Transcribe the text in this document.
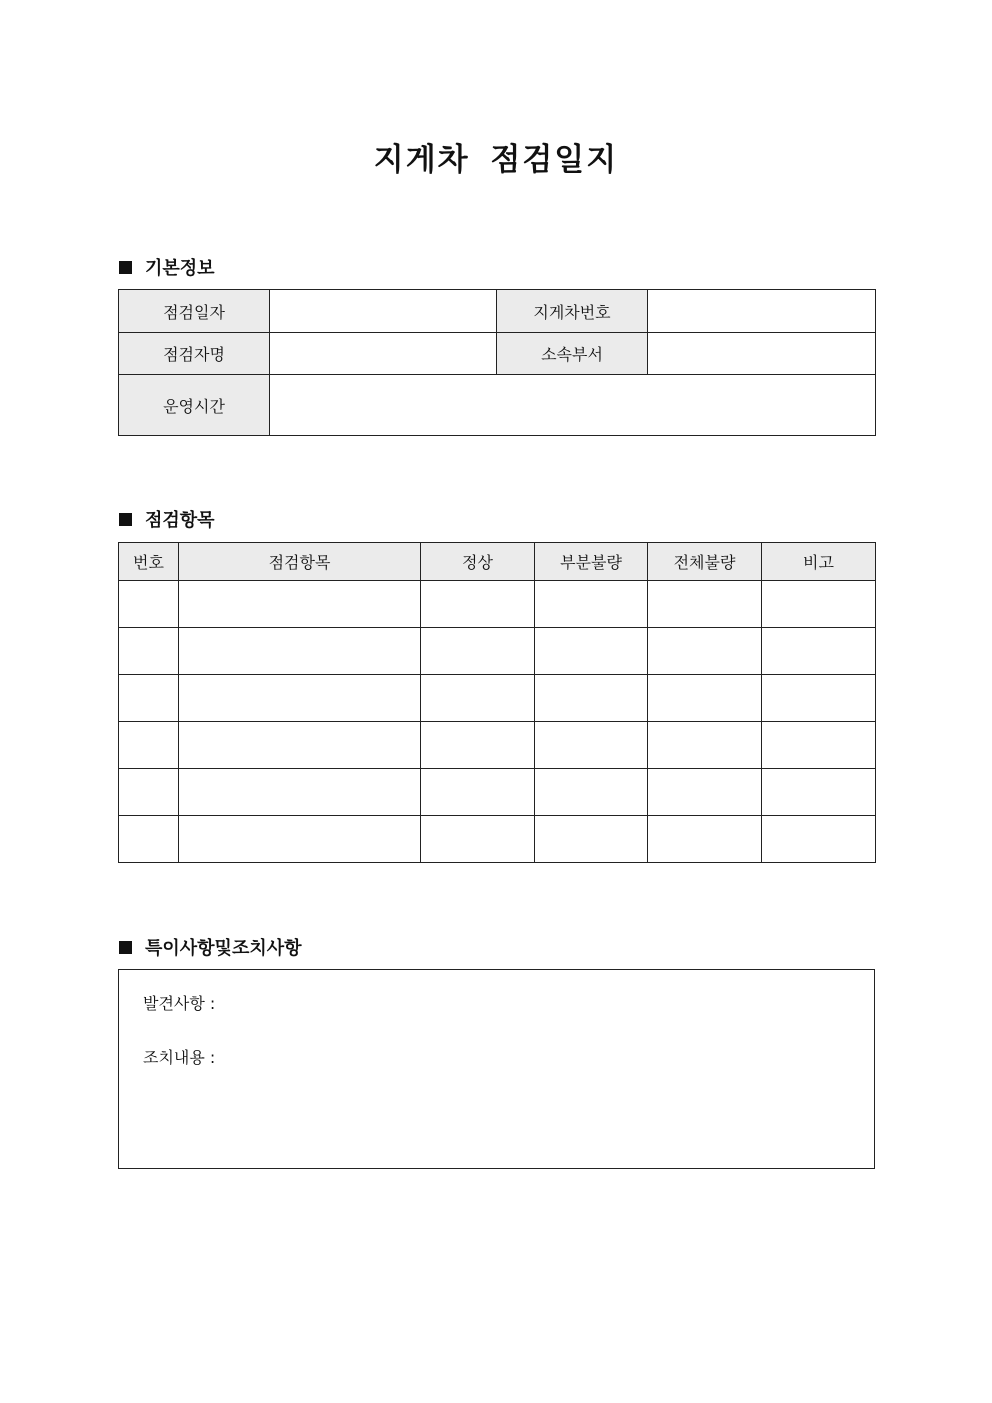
지게차 점검일지
기본정보
점검일자		지게차번호	
점검자명		소속부서	
운영시간			
점검항목
번호	점검항목	정상	부분불량	전체불량	비고

특이사항및조치사항
발견사항 :
조치내용 :
